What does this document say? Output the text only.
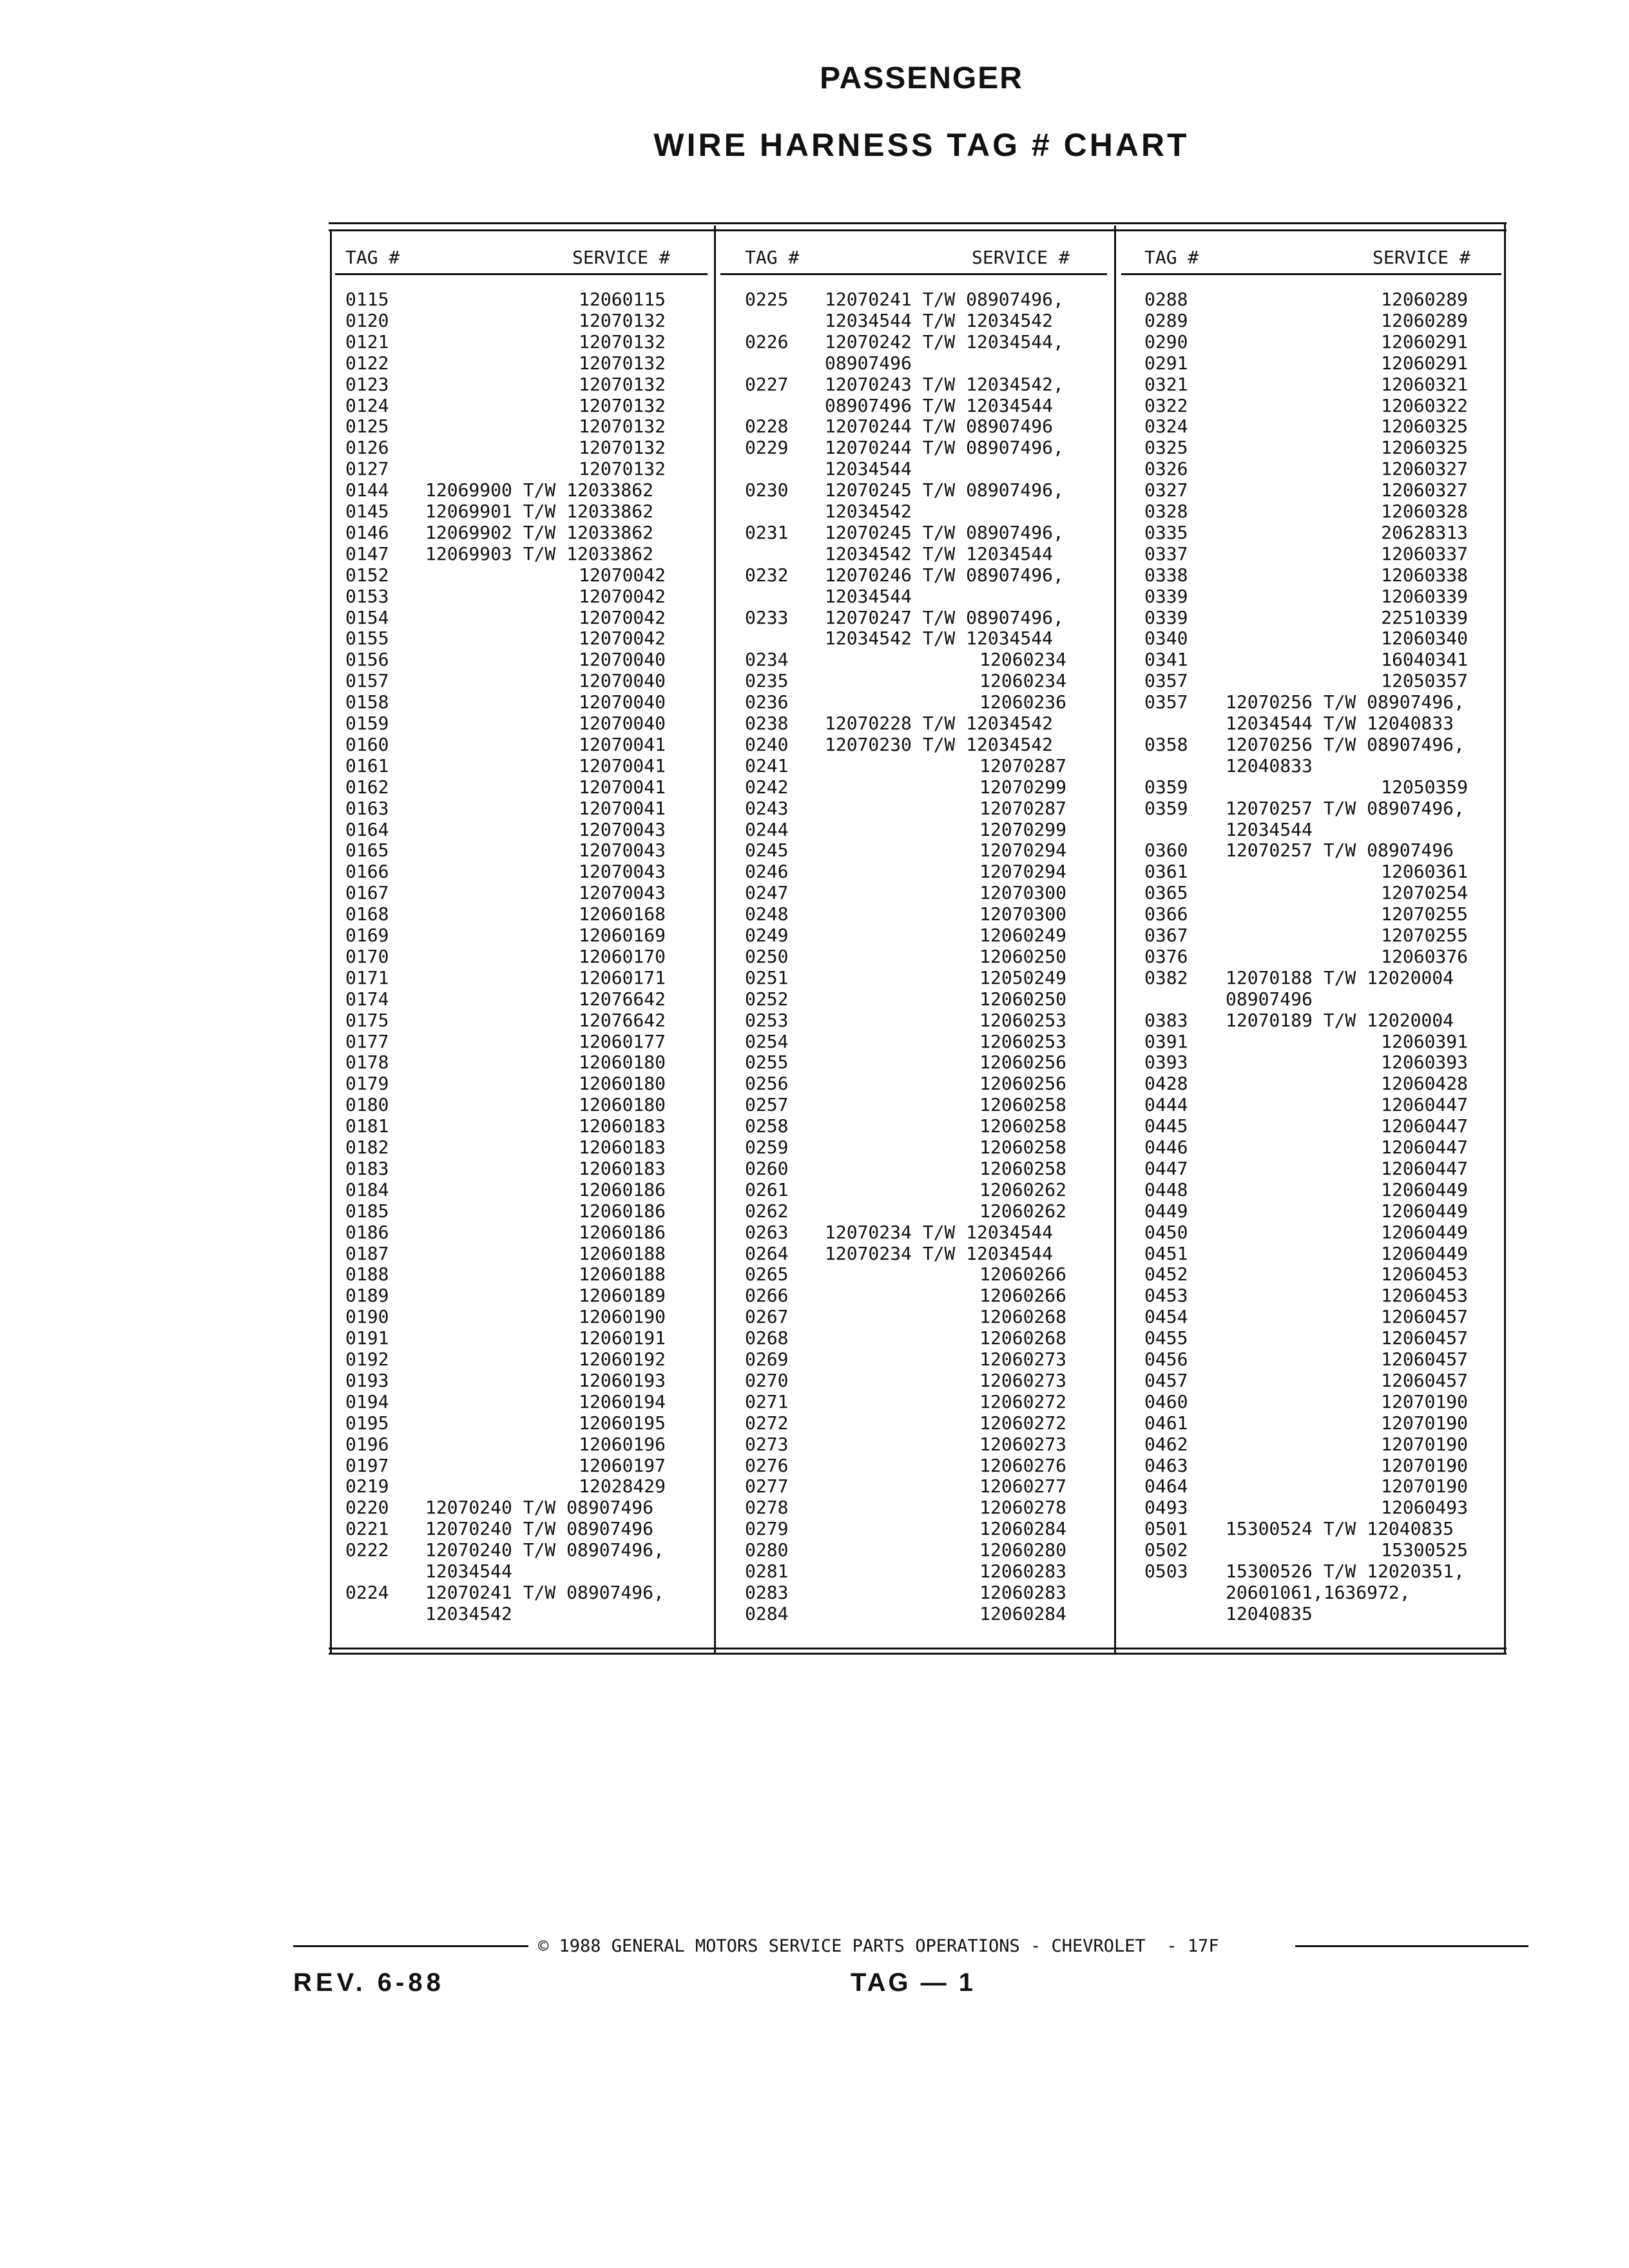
PASSENGER
WIRE HARNESS TAG # CHART
TAG #	SERVICE #
0115	12060115
0120	12070132
0121	12070132
0122	12070132
0123	12070132
0124	12070132
0125	12070132
0126	12070132
0127	12070132
0144 12069900 T/W 12033862
0145 12069901 T/W 12033862
0146 12069902 T/W 12033862
0147 12069903 T/W 12033862
0152	12070042
0153	12070042
0154	12070042
0155	12070042
0156	12070040
0157	12070040
0158	12070040
0159	12070040
0160	12070041
0161	12070041
0162	12070041
0163	12070041
0164	12070043
0165	12070043
0166	12070043
0167	12070043
0168	12060168
0169	12060169
0170	12060170
0171	12060171
0174	12076642
0175	12076642
0177	12060177
0178	12060180
0179	12060180
0180	12060180
0181	12060183
0182	12060183
0183	12060183
0184	12060186
0185	12060186
0186	12060186
0187	12060188
0188	12060188
0189	12060189
0190	12060190
0191	12060191
0192	12060192
0193	12060193
0194	12060194
0195	12060195
0196	12060196
0197	12060197
0219	12028429
0220 12070240 T/W 08907496
0221 12070240 T/W 08907496
0222 12070240 T/W 08907496,
12034544
0224 12070241 T/W 08907496,
12034542
TAG #	SERVICE #
0225 12070241 T/W 08907496,
12034544 T/W 12034542
0226 12070242 T/W 12034544,
08907496
0227 12070243 T/W 12034542,
08907496 T/W 12034544
0228 12070244 T/W 08907496
0229 12070244 T/W 08907496,
12034544
0230 12070245 T/W 08907496,
12034542
0231 12070245 T/W 08907496,
12034542 T/W 12034544
0232 12070246 T/W 08907496,
12034544
0233 12070247 T/W 08907496,
12034542 T/W 12034544
0234	12060234
0235	12060234
0236	12060236
0238 12070228 T/W 12034542
0240 12070230 T/W 12034542
0241	12070287
0242	12070299
0243	12070287
0244	12070299
0245	12070294
0246	12070294
0247	12070300
0248	12070300
0249	12060249
0250	12060250
0251	12050249
0252	12060250
0253	12060253
0254	12060253
0255	12060256
0256	12060256
0257	12060258
0258	12060258
0259	12060258
0260	12060258
0261	12060262
0262	12060262
0263 12070234 T/W 12034544
0264 12070234 T/W 12034544
0265	12060266
0266	12060266
0267	12060268
0268	12060268
0269	12060273
0270	12060273
0271	12060272
0272	12060272
0273	12060273
0276	12060276
0277	12060277
0278	12060278
0279	12060284
0280	12060280
0281	12060283
0283	12060283
0284	12060284
TAG #	SERVICE #
0288	12060289
0289	12060289
0290	12060291
0291	12060291
0321	12060321
0322	12060322
0324	12060325
0325	12060325
0326	12060327
0327	12060327
0328	12060328
0335	20628313
0337	12060337
0338	12060338
0339	12060339
0339	22510339
0340	12060340
0341	16040341
0357	12050357
0357 12070256 T/W 08907496,
12034544 T/W 12040833
0358 12070256 T/W 08907496,
12040833
0359	12050359
0359 12070257 T/W 08907496,
12034544
0360 12070257 T/W 08907496
0361	12060361
0365	12070254
0366	12070255
0367	12070255
0376	12060376
0382 12070188 T/W 12020004
08907496
0383 12070189 T/W 12020004
0391	12060391
0393	12060393
0428	12060428
0444	12060447
0445	12060447
0446	12060447
0447	12060447
0448	12060449
0449	12060449
0450	12060449
0451	12060449
0452	12060453
0453	12060453
0454	12060457
0455	12060457
0456	12060457
0457	12060457
0460	12070190
0461	12070190
0462	12070190
0463	12070190
0464	12070190
0493	12060493
0501 15300524 T/W 12040835
0502	15300525
0503 15300526 T/W 12020351,
20601061,1636972,
12040835
© 1988 GENERAL MOTORS SERVICE PARTS OPERATIONS - CHEVROLET  - 17F
REV. 6-88	TAG — 1
